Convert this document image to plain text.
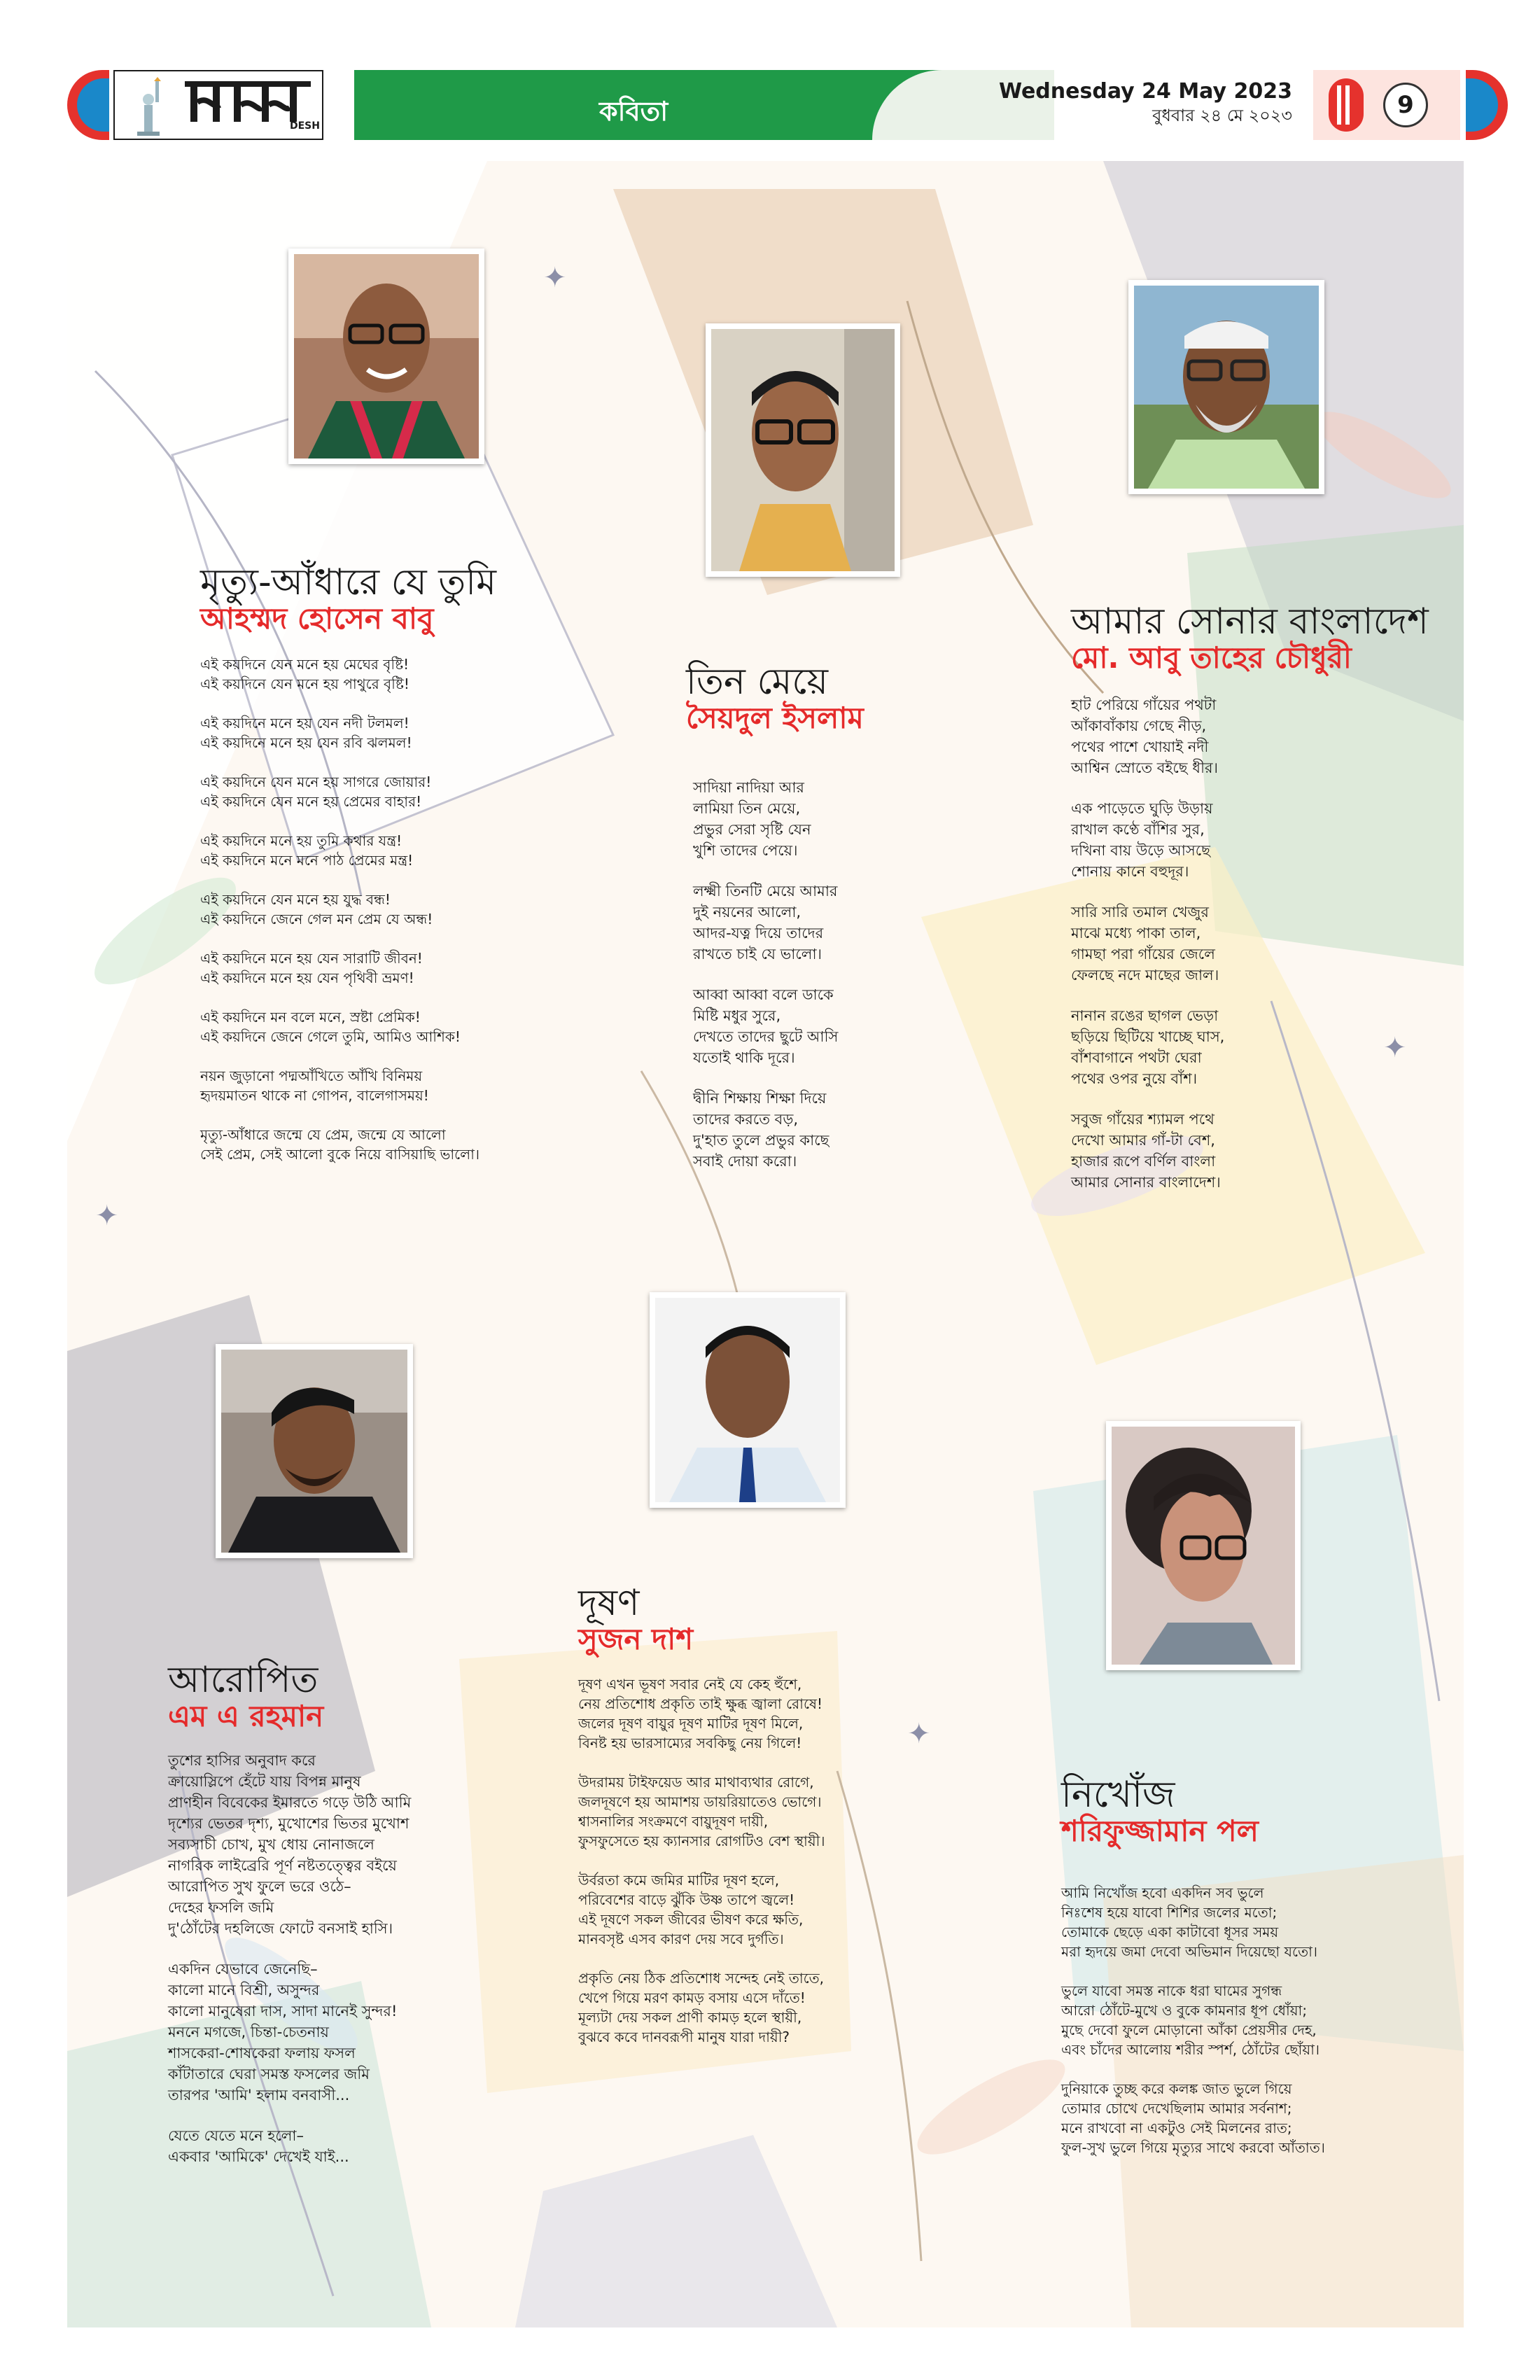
✦
✦
✦
✦
DESH	কবিতা
Wednesday 24 May 2023
বুধবার ২৪ মে ২০২৩	9
মৃত্যু-আঁধারে যে তুমি
আহম্মদ হোসেন বাবু
এই কয়দিনে যেন মনে হয় মেঘের বৃষ্টি!
এই কয়দিনে যেন মনে হয় পাথুরে বৃষ্টি!
এই কয়দিনে মনে হয় যেন নদী টলমল!
এই কয়দিনে মনে হয় যেন রবি ঝলমল!
এই কয়দিনে যেন মনে হয় সাগরে জোয়ার!
এই কয়দিনে যেন মনে হয় প্রেমের বাহার!
এই কয়দিনে মনে হয় তুমি কথার যন্ত্র!
এই কয়দিনে মনে মনে পাঠ প্রেমের মন্ত্র!
এই কয়দিনে যেন মনে হয় যুদ্ধ বন্ধ!
এই কয়দিনে জেনে গেল মন প্রেম যে অন্ধ!
এই কয়দিনে মনে হয় যেন সারাটি জীবন!
এই কয়দিনে মনে হয় যেন পৃথিবী ভ্রমণ!
এই কয়দিনে মন বলে মনে, স্রষ্টা প্রেমিক!
এই কয়দিনে জেনে গেলে তুমি, আমিও আশিক!
নয়ন জুড়ানো পদ্মআঁখিতে আঁখি বিনিময়
হৃদয়মাতন থাকে না গোপন, বালেগাসময়!
মৃত্যু-আঁধারে জন্মে যে প্রেম, জন্মে যে আলো
সেই প্রেম, সেই আলো বুকে নিয়ে বাসিয়াছি ভালো।
তিন মেয়ে
সৈয়দুল ইসলাম
সাদিয়া নাদিয়া আর
লামিয়া তিন মেয়ে,
প্রভুর সেরা সৃষ্টি যেন
খুশি তাদের পেয়ে।
লক্ষ্মী তিনটি মেয়ে আমার
দুই নয়নের আলো,
আদর-যত্ন দিয়ে তাদের
রাখতে চাই যে ভালো।
আব্বা আব্বা বলে ডাকে
মিষ্টি মধুর সুরে,
দেখতে তাদের ছুটে আসি
যতোই থাকি দূরে।
দ্বীনি শিক্ষায় শিক্ষা দিয়ে
তাদের করতে বড়,
দু'হাত তুলে প্রভুর কাছে
সবাই দোয়া করো।
আমার সোনার বাংলাদেশ
মো. আবু তাহের চৌধুরী
হাট পেরিয়ে গাঁয়ের পথটা
আঁকাবাঁকায় গেছে নীড়,
পথের পাশে খোয়াই নদী
আশ্বিন স্রোতে বইছে ধীর।
এক পাড়েতে ঘুড়ি উড়ায়
রাখাল কণ্ঠে বাঁশির সুর,
দখিনা বায় উড়ে আসছে
শোনায় কানে বহুদূর।
সারি সারি তমাল খেজুর
মাঝে মধ্যে পাকা তাল,
গামছা পরা গাঁয়ের জেলে
ফেলছে নদে মাছের জাল।
নানান রঙের ছাগল ভেড়া
ছড়িয়ে ছিটিয়ে খাচ্ছে ঘাস,
বাঁশবাগানে পথটা ঘেরা
পথের ওপর নুয়ে বাঁশ।
সবুজ গাঁয়ের শ্যামল পথে
দেখো আমার গাঁ-টা বেশ,
হাজার রূপে বর্ণিল বাংলা
আমার সোনার বাংলাদেশ।
আরোপিত
এম এ রহমান
তুশের হাসির অনুবাদ করে
ক্রায়োস্লিপে হেঁটে যায় বিপন্ন মানুষ
প্রাণহীন বিবেকের ইমারতে গড়ে উঠি আমি
দৃশ্যের ভেতর দৃশ্য, মুখোশের ভিতর মুখোশ
সব্যসাচী চোখ, মুখ ধোয় নোনাজলে
নাগরিক লাইব্রেরি পূর্ণ নষ্টতত্ত্বের বইয়ে
আরোপিত সুখ ফুলে ভরে ওঠে–
দেহের ফসলি জমি
দু'ঠোঁটের দহলিজে ফোটে বনসাই হাসি।
একদিন যেভাবে জেনেছি–
কালো মানে বিশ্রী, অসুন্দর
কালো মানুষেরা দাস, সাদা মানেই সুন্দর!
মননে মগজে, চিন্তা-চেতনায়
শাসকেরা-শোষকেরা ফলায় ফসল
কাঁটাতারে ঘেরা সমস্ত ফসলের জমি
তারপর 'আমি' হলাম বনবাসী...
যেতে যেতে মনে হলো–
একবার 'আমিকে' দেখেই যাই...
দূষণ
সুজন দাশ
দূষণ এখন ভূষণ সবার নেই যে কেহ হুঁশে,
নেয় প্রতিশোধ প্রকৃতি তাই ক্ষুব্ধ জ্বালা রোষে!
জলের দূষণ বায়ুর দূষণ মাটির দূষণ মিলে,
বিনষ্ট হয় ভারসাম্যের সবকিছু নেয় গিলে!
উদরাময় টাইফয়েড আর মাথাব্যথার রোগে,
জলদূষণে হয় আমাশয় ডায়রিয়াতেও ভোগে।
শ্বাসনালির সংক্রমণে বায়ুদূষণ দায়ী,
ফুসফুসেতে হয় ক্যানসার রোগটিও বেশ স্থায়ী।
উর্বরতা কমে জমির মাটির দূষণ হলে,
পরিবেশের বাড়ে ঝুঁকি উষ্ণ তাপে জ্বলে!
এই দূষণে সকল জীবের ভীষণ করে ক্ষতি,
মানবসৃষ্ট এসব কারণ দেয় সবে দুর্গতি।
প্রকৃতি নেয় ঠিক প্রতিশোধ সন্দেহ নেই তাতে,
খেপে গিয়ে মরণ কামড় বসায় এসে দাঁতে!
মূল্যটা দেয় সকল প্রাণী কামড় হলে স্থায়ী,
বুঝবে কবে দানবরূপী মানুষ যারা দায়ী?
নিখোঁজ
শরিফুজ্জামান পল
আমি নিখোঁজ হবো একদিন সব ভুলে
নিঃশেষ হয়ে যাবো শিশির জলের মতো;
তোমাকে ছেড়ে একা কাটাবো ধূসর সময়
মরা হৃদয়ে জমা দেবো অভিমান দিয়েছো যতো।
ভুলে যাবো সমস্ত নাকে ধরা ঘামের সুগন্ধ
আরো ঠোঁটে-মুখে ও বুকে কামনার ধূপ ধোঁয়া;
মুছে দেবো ফুলে মোড়ানো আঁকা প্রেয়সীর দেহ,
এবং চাঁদের আলোয় শরীর স্পর্শ, ঠোঁটের ছোঁয়া।
দুনিয়াকে তুচ্ছ করে কলঙ্ক জাত ভুলে গিয়ে
তোমার চোখে দেখেছিলাম আমার সর্বনাশ;
মনে রাখবো না একটুও সেই মিলনের রাত;
ফুল-সুখ ভুলে গিয়ে মৃত্যুর সাথে করবো আঁতাত।
